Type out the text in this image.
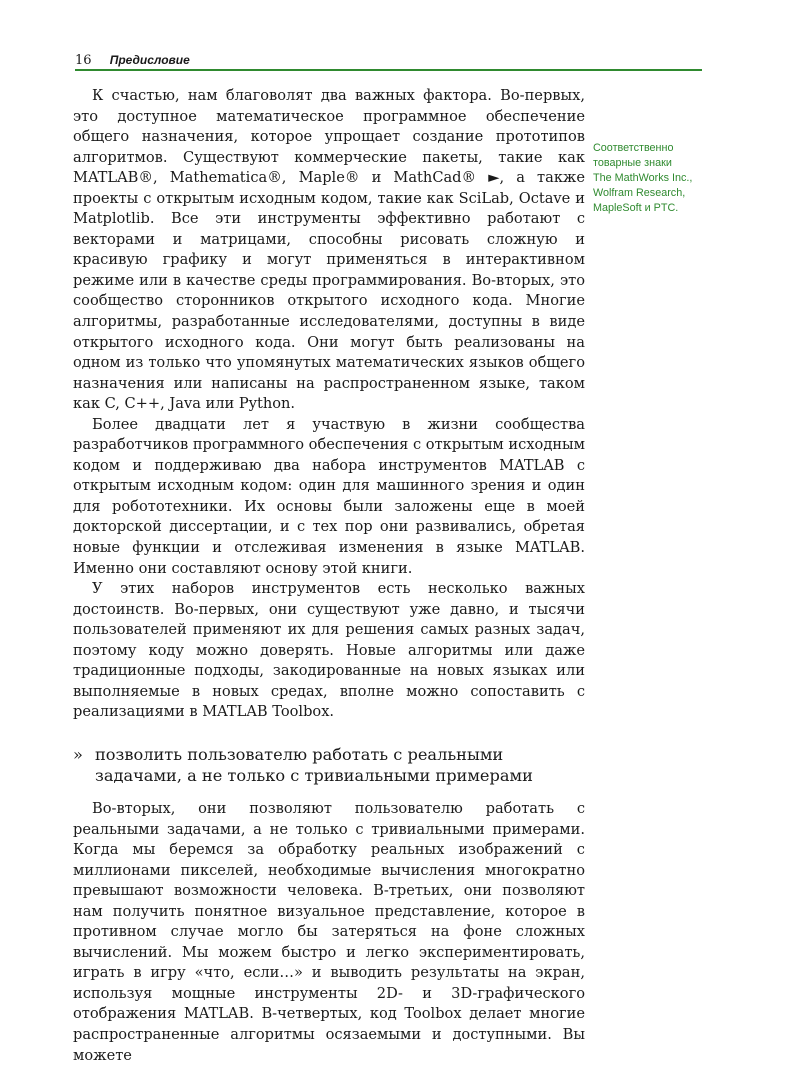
16 Предисловие
Соответственно
товарные знаки
The MathWorks Inc.,
Wolfram Research,
MapleSoft и PTC.

К счастью, нам благоволят два важных фактора. Во-первых, это доступное математическое программное обеспечение общего назначения, которое упрощает создание прототипов алгоритмов. Существуют коммерческие пакеты, такие как MATLAB®, Mathematica®, Maple® и MathCad® ►, а также проекты с открытым исходным кодом, такие как SciLab, Octave и Matplotlib. Все эти инструменты эффективно работают с векторами и матрицами, способны рисовать сложную и красивую графику и могут применяться в интерактивном режиме или в качестве среды программирования. Во-вторых, это сообщество сторонников открытого исходного кода. Многие алгоритмы, разработанные исследователями, доступны в виде открытого исходного кода. Они могут быть реализованы на одном из только что упомянутых математических языков общего назначения или написаны на распространенном языке, таком как C, C++, Java или Python.

Более двадцати лет я участвую в жизни сообщества разработчиков программного обеспечения с открытым исходным кодом и поддерживаю два набора инструментов MATLAB с открытым исходным кодом: один для машинного зрения и один для робототехники. Их основы были заложены еще в моей докторской диссертации, и с тех пор они развивались, обретая новые функции и отслеживая изменения в языке MATLAB. Именно они составляют основу этой книги.

У этих наборов инструментов есть несколько важных достоинств. Во-первых, они существуют уже давно, и тысячи пользователей применяют их для решения самых разных задач, поэтому коду можно доверять. Новые алгоритмы или даже традиционные подходы, закодированные на новых языках или выполняемые в новых средах, вполне можно сопоставить с реализациями в MATLAB Toolbox.

» позволить пользователю работать с реальными задачами, а не только с тривиальными примерами

Во-вторых, они позволяют пользователю работать с реальными задачами, а не только с тривиальными примерами. Когда мы беремся за обработку реальных изображений с миллионами пикселей, необходимые вычисления многократно превышают возможности человека. В-третьих, они позволяют нам получить понятное визуальное представление, которое в противном случае могло бы затеряться на фоне сложных вычислений. Мы можем быстро и легко экспериментировать, играть в игру «что, если…» и выводить результаты на экран, используя мощные инструменты 2D- и 3D-графического отображения MATLAB. В-четвертых, код Toolbox делает многие распространенные алгоритмы осязаемыми и доступными. Вы можете
